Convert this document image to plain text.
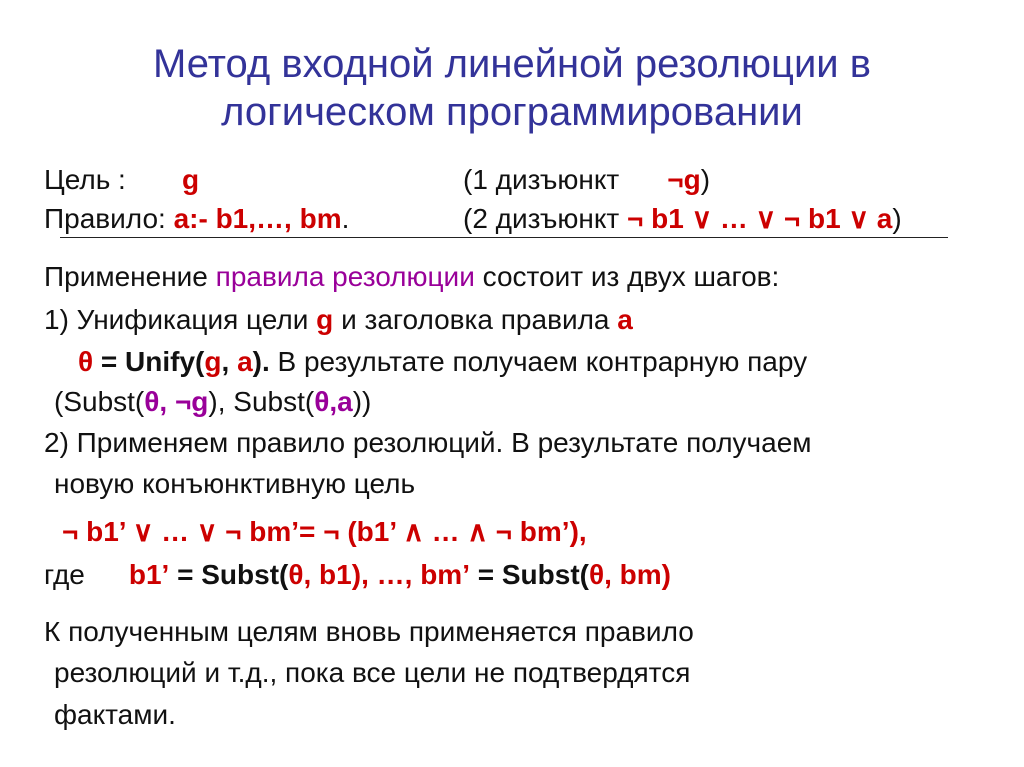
Метод входной линейной резолюции в
логическом программировании
Цель : g	(1 дизъюнкт ¬g)
Правило: a:- b1,…, bm.	(2 дизъюнкт ¬ b1 ∨ … ∨ ¬ b1 ∨ a)
Применение правила резолюции состоит из двух шагов:
1) Унификация цели g и заголовка правила a
θ = Unify(g, a). В результате получаем контрарную пару
(Subst(θ, ¬g), Subst(θ,a))
2) Применяем правило резолюций. В результате получаем
новую конъюнктивную цель
¬ b1’ ∨ … ∨ ¬ bm’= ¬ (b1’ ∧ … ∧ ¬ bm’),
где b1’ = Subst(θ, b1), …, bm’ = Subst(θ, bm)
К полученным целям вновь применяется правило
резолюций и т.д., пока все цели не подтвердятся
фактами.
